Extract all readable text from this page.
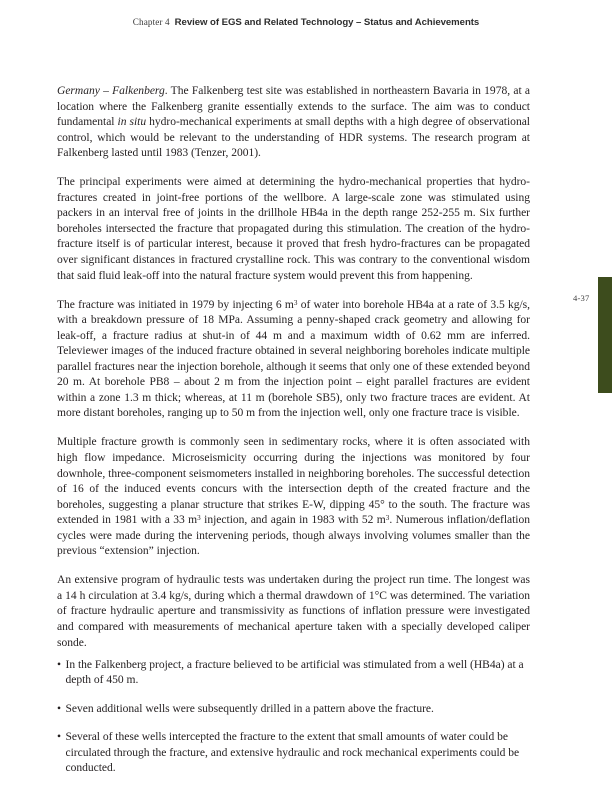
Chapter 4 Review of EGS and Related Technology – Status and Achievements
4-37

Germany – Falkenberg. The Falkenberg test site was established in northeastern Bavaria in 1978, at a location where the Falkenberg granite essentially extends to the surface. The aim was to conduct fundamental in situ hydro-mechanical experiments at small depths with a high degree of observational control, which would be relevant to the understanding of HDR systems. The research program at Falkenberg lasted until 1983 (Tenzer, 2001).

The principal experiments were aimed at determining the hydro-mechanical properties that hydro-fractures created in joint-free portions of the wellbore. A large-scale zone was stimulated using packers in an interval free of joints in the drillhole HB4a in the depth range 252-255 m. Six further boreholes intersected the fracture that propagated during this stimulation. The creation of the hydro-fracture itself is of particular interest, because it proved that fresh hydro-fractures can be propagated over significant distances in fractured crystalline rock. This was contrary to the conventional wisdom that said fluid leak-off into the natural fracture system would prevent this from happening.

The fracture was initiated in 1979 by injecting 6 $m^3$ of water into borehole HB4a at a rate of 3.5 kg/s, with a breakdown pressure of 18 MPa. Assuming a penny-shaped crack geometry and allowing for leak-off, a fracture radius at shut-in of 44 m and a maximum width of 0.62 mm are inferred. Televiewer images of the induced fracture obtained in several neighboring boreholes indicate multiple parallel fractures near the injection borehole, although it seems that only one of these extended beyond 20 m. At borehole PB8 – about 2 m from the injection point – eight parallel fractures are evident within a zone 1.3 m thick; whereas, at 11 m (borehole SB5), only two fracture traces are evident. At more distant boreholes, ranging up to 50 m from the injection well, only one fracture trace is visible.

Multiple fracture growth is commonly seen in sedimentary rocks, where it is often associated with high flow impedance. Microseismicity occurring during the injections was monitored by four downhole, three-component seismometers installed in neighboring boreholes. The successful detection of 16 of the induced events concurs with the intersection depth of the created fracture and the boreholes, suggesting a planar structure that strikes E-W, dipping 45° to the south. The fracture was extended in 1981 with a 33 $m^3$ injection, and again in 1983 with 52 $m^3$. Numerous inflation/deflation cycles were made during the intervening periods, though always involving volumes smaller than the previous “extension” injection.

An extensive program of hydraulic tests was undertaken during the project run time. The longest was a 14 h circulation at 3.4 kg/s, during which a thermal drawdown of 1°C was determined. The variation of fracture hydraulic aperture and transmissivity as functions of inflation pressure were investigated and compared with measurements of mechanical aperture taken with a specially developed caliper sonde.

• In the Falkenberg project, a fracture believed to be artificial was stimulated from a well (HB4a) at a depth of 450 m.
• Seven additional wells were subsequently drilled in a pattern above the fracture.
• Several of these wells intercepted the fracture to the extent that small amounts of water could be circulated through the fracture, and extensive hydraulic and rock mechanical experiments could be conducted.
